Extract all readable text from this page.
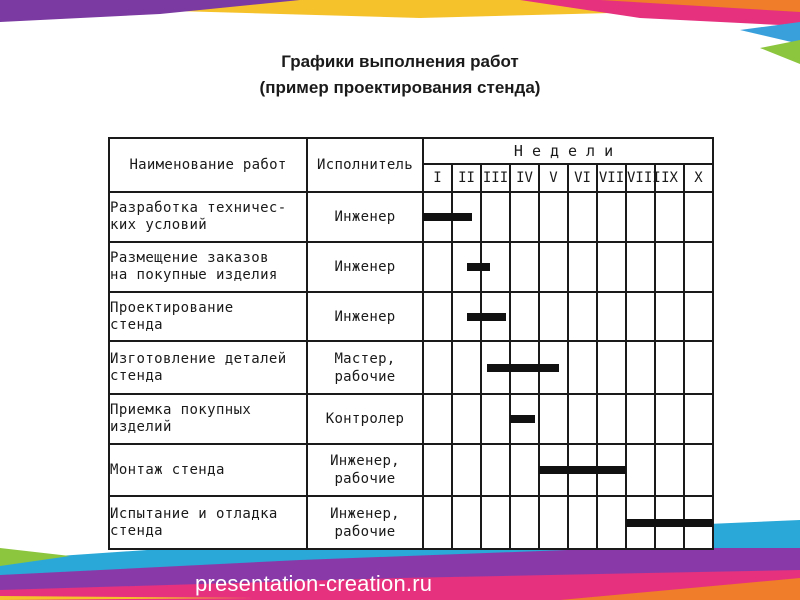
Графики выполнения работ
(пример проектирования стенда)
Наименование работ	Исполнитель	Недели									
		I	II	III	IV	V	VI	VII	VIII	IX	X
Разработка техничес-
ких условий	Инженер	

Размещение заказов
на покупные изделия	Инженер		

Проектирование
стенда	Инженер		

Изготовление деталей
стенда	Мастер,
рабочие			

Приемка покупных
изделий	Контролер				

Монтаж стенда	Инженер,
рабочие					

Испытание и отладка
стенда	Инженер,
рабочие								

presentation-creation.ru
